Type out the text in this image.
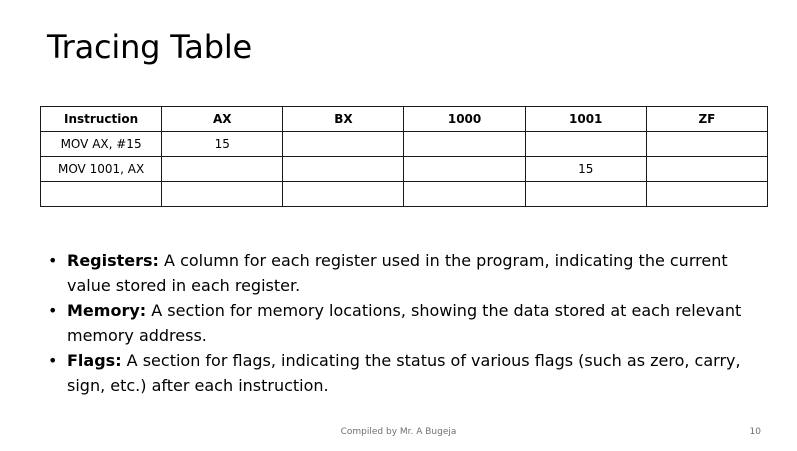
Tracing Table
Instruction	AX	BX	1000	1001	ZF
MOV AX, #15	15				
MOV 1001, AX				15	

• Registers: A column for each register used in the program, indicating the current value stored in each register.
• Memory: A section for memory locations, showing the data stored at each relevant memory address.
• Flags: A section for flags, indicating the status of various flags (such as zero, carry, sign, etc.) after each instruction.
Compiled by Mr. A Bugeja	10
